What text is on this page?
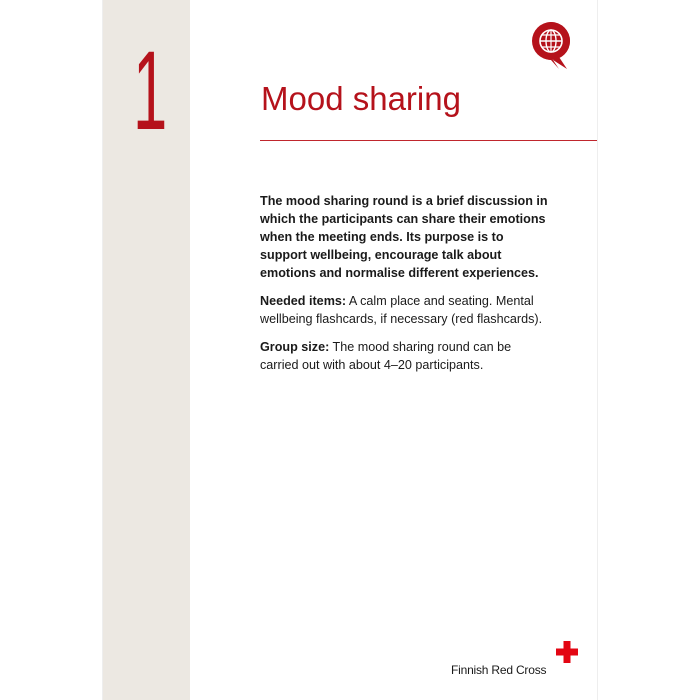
1	Mood sharing

The mood sharing round is a brief discussion in which the participants can share their emotions when the meeting ends. Its purpose is to support wellbeing, encourage talk about emotions and normalise different experiences.

Needed items: A calm place and seating. Mental wellbeing flashcards, if necessary (red flashcards).

Group size: The mood sharing round can be carried out with about 4–20 participants.

Finnish Red Cross
